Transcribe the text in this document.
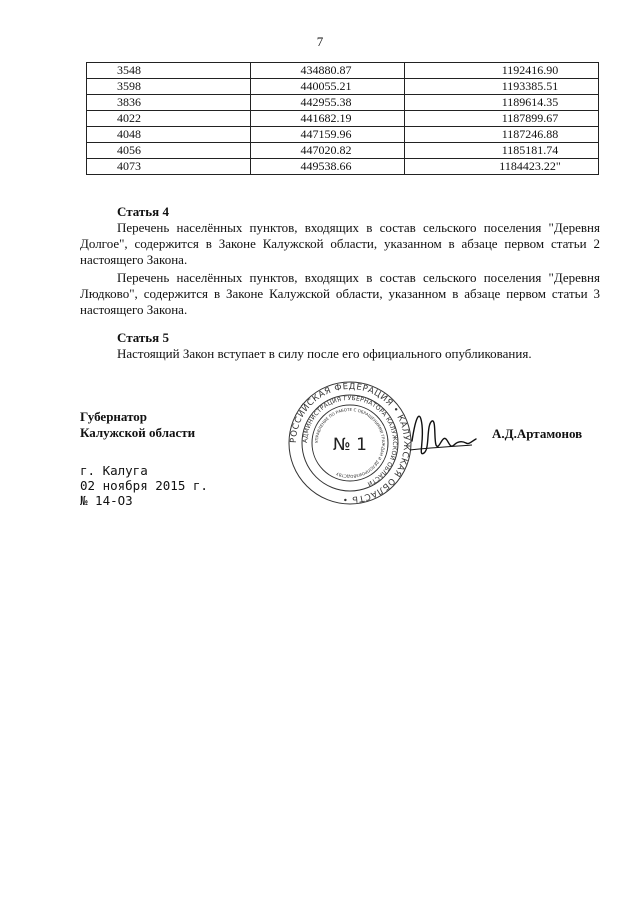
7
3548	434880.87	1192416.90
3598	440055.21	1193385.51
3836	442955.38	1189614.35
4022	441682.19	1187899.67
4048	447159.96	1187246.88
4056	447020.82	1185181.74
4073	449538.66	1184423.22"
Статья 4

Перечень населённых пунктов, входящих в состав сельского поселения "Деревня Долгое", содержится в Законе Калужской области, указанном в абзаце первом статьи 2 настоящего Закона.

Перечень населённых пунктов, входящих в состав сельского поселения "Деревня Людково", содержится в Законе Калужской области, указанном в абзаце первом статьи 3 настоящего Закона.

Статья 5

Настоящий Закон вступает в силу после его официального опубликования.

Губернатор
Калужской области
РОССИЙСКАЯ ФЕДЕРАЦИЯ • КАЛУЖСКАЯ ОБЛАСТЬ •
АДМИНИСТРАЦИЯ ГУБЕРНАТОРА КАЛУЖСКОЙ ОБЛАСТИ
УПРАВЛЕНИЕ ПО РАБОТЕ С ОБРАЩЕНИЯМИ ГРАЖДАН И ДЕЛОПРОИЗВОДСТВУ
№ 1
А.Д.Артамонов
г. Калуга
02 ноября 2015 г.
№ 14-ОЗ
